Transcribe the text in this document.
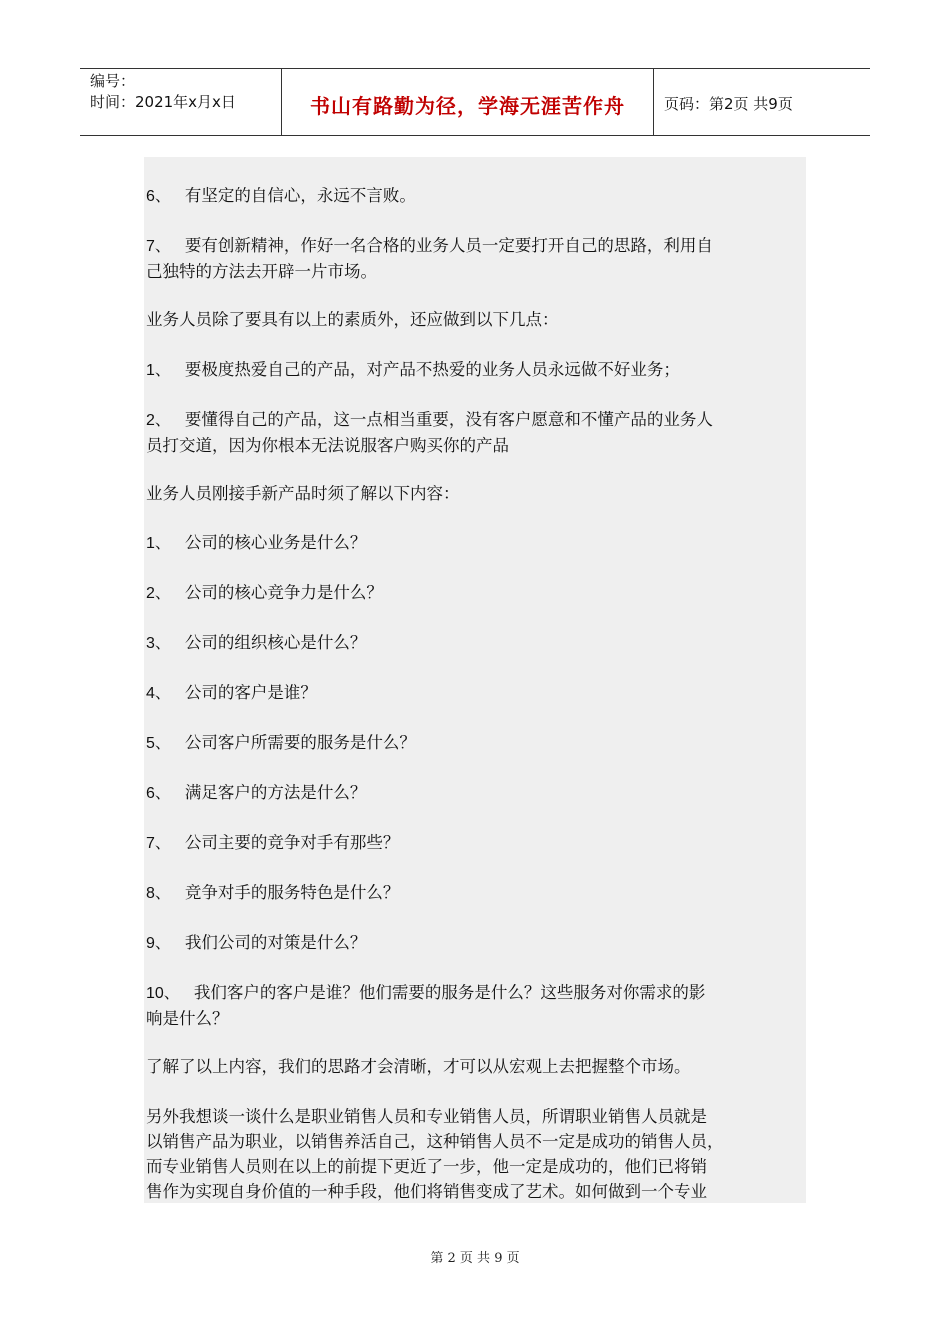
编号：
时间：2021年x月x日	书山有路勤为径，学海无涯苦作舟	页码：第2页 共9页
6、 有坚定的自信心，永远不言败。
7、 要有创新精神，作好一名合格的业务人员一定要打开自己的思路，利用自
己独特的方法去开辟一片市场。
业务人员除了要具有以上的素质外，还应做到以下几点：
1、 要极度热爱自己的产品，对产品不热爱的业务人员永远做不好业务；
2、 要懂得自己的产品，这一点相当重要，没有客户愿意和不懂产品的业务人
员打交道，因为你根本无法说服客户购买你的产品
业务人员刚接手新产品时须了解以下内容：
1、 公司的核心业务是什么？
2、 公司的核心竞争力是什么？
3、 公司的组织核心是什么？
4、 公司的客户是谁？
5、 公司客户所需要的服务是什么？
6、 满足客户的方法是什么？
7、 公司主要的竞争对手有那些？
8、 竞争对手的服务特色是什么？
9、 我们公司的对策是什么？
10、 我们客户的客户是谁？他们需要的服务是什么？这些服务对你需求的影
响是什么？
了解了以上内容，我们的思路才会清晰，才可以从宏观上去把握整个市场。
另外我想谈一谈什么是职业销售人员和专业销售人员，所谓职业销售人员就是
以销售产品为职业，以销售养活自己，这种销售人员不一定是成功的销售人员，
而专业销售人员则在以上的前提下更近了一步，他一定是成功的，他们已将销
售作为实现自身价值的一种手段，他们将销售变成了艺术。如何做到一个专业
第 2 页 共 9 页
